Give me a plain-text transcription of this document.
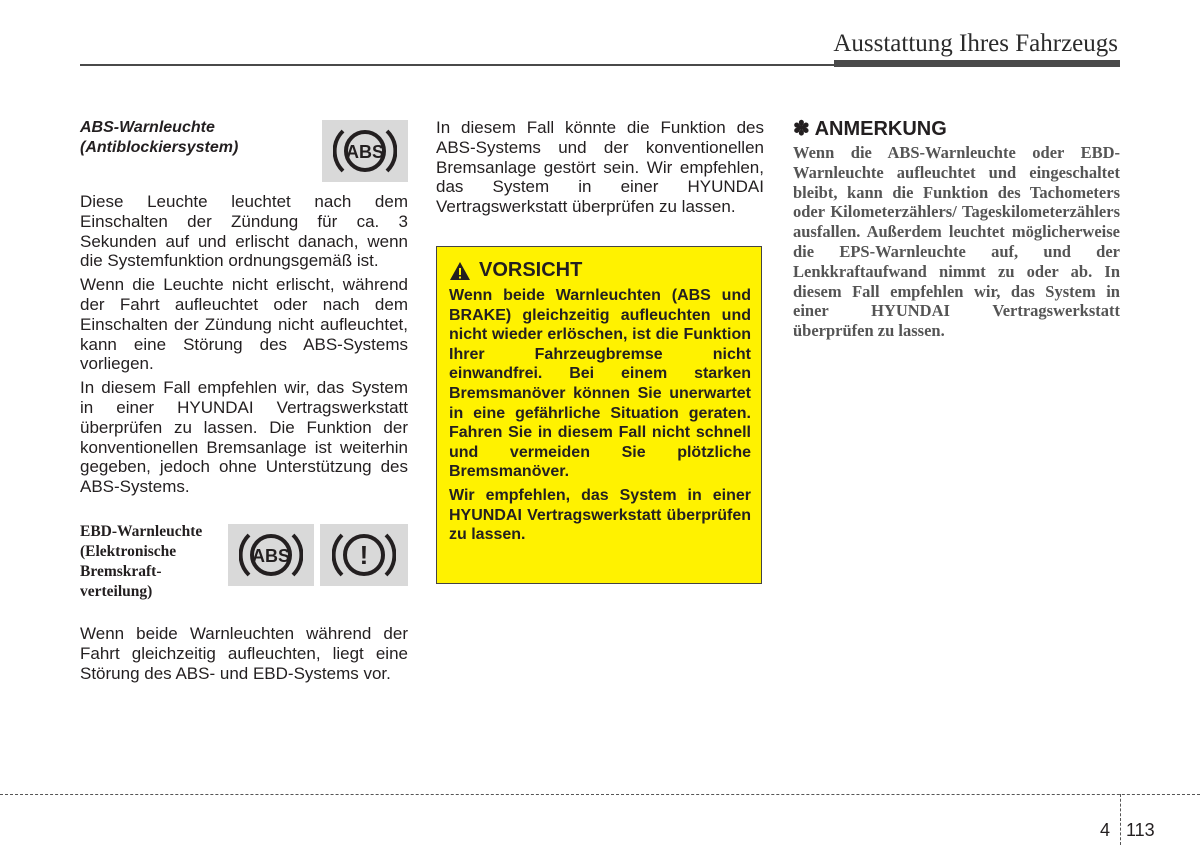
Ausstattung Ihres Fahrzeugs
ABS-Warnleuchte
(Antiblockiersystem)	ABS

Diese Leuchte leuchtet nach dem Einschalten der Zündung für ca. 3 Sekunden auf und erlischt danach, wenn die Systemfunktion ordnungsgemäß ist.

Wenn die Leuchte nicht erlischt, während der Fahrt aufleuchtet oder nach dem Einschalten der Zündung nicht aufleuchtet, kann eine Störung des ABS-Systems vorliegen.

In diesem Fall empfehlen wir, das System in einer HYUNDAI Vertragswerkstatt überprüfen zu lassen. Die Funktion der konventionellen Bremsanlage ist weiterhin gegeben, jedoch ohne Unterstützung des ABS-Systems.

EBD-Warnleuchte
(Elektronische
Bremskraft-
verteilung)
ABS	!

Wenn beide Warnleuchten während der Fahrt gleichzeitig aufleuchten, liegt eine Störung des ABS- und EBD-Systems vor.

In diesem Fall könnte die Funktion des ABS-Systems und der konventionellen Bremsanlage gestört sein. Wir empfehlen, das System in einer HYUNDAI Vertragswerkstatt überprüfen zu lassen.

VORSICHT

Wenn beide Warnleuchten (ABS und BRAKE) gleichzeitig aufleuchten und nicht wieder erlöschen, ist die Funktion Ihrer Fahrzeugbremse nicht einwandfrei. Bei einem starken Bremsmanöver können Sie unerwartet in eine gefährliche Situation geraten. Fahren Sie in diesem Fall nicht schnell und vermeiden Sie plötzliche Bremsmanöver.

Wir empfehlen, das System in einer HYUNDAI Vertragswerkstatt überprüfen zu lassen.

✽ ANMERKUNG

Wenn die ABS-Warnleuchte oder EBD-Warnleuchte aufleuchtet und eingeschaltet bleibt, kann die Funktion des Tachometers oder Kilometerzählers/ Tageskilometerzählers ausfallen. Außerdem leuchtet möglicherweise die EPS-Warnleuchte auf, und der Lenkkraftaufwand nimmt zu oder ab. In diesem Fall empfehlen wir, das System in einer HYUNDAI Vertragswerkstatt überprüfen zu lassen.

4 113
